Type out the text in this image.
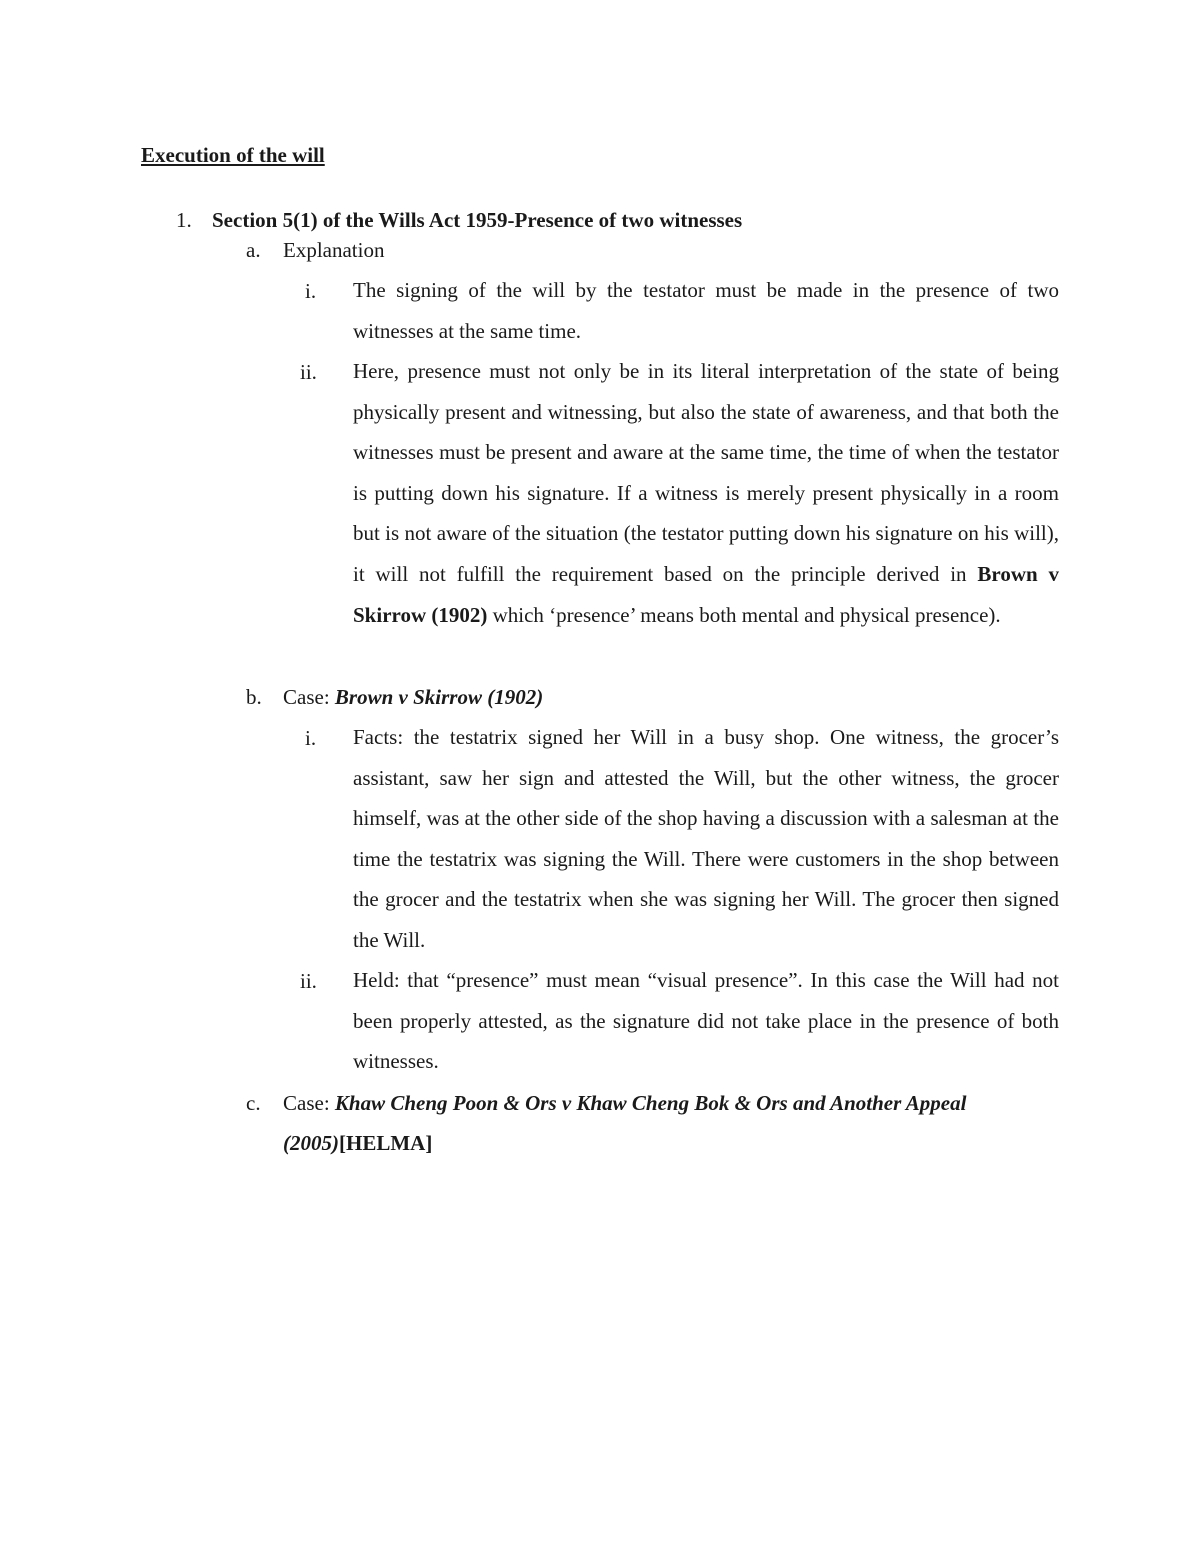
Execution of the will
1. Section 5(1) of the Wills Act 1959-Presence of two witnesses
a. Explanation
i. The signing of the will by the testator must be made in the presence of two witnesses at the same time.
ii. Here, presence must not only be in its literal interpretation of the state of being physically present and witnessing, but also the state of awareness, and that both the witnesses must be present and aware at the same time, the time of when the testator is putting down his signature. If a witness is merely present physically in a room but is not aware of the situation (the testator putting down his signature on his will), it will not fulfill the requirement based on the principle derived in Brown v Skirrow (1902) which ‘presence’ means both mental and physical presence).
b. Case: Brown v Skirrow (1902)
i. Facts: the testatrix signed her Will in a busy shop. One witness, the grocer’s assistant, saw her sign and attested the Will, but the other witness, the grocer himself, was at the other side of the shop having a discussion with a salesman at the time the testatrix was signing the Will. There were customers in the shop between the grocer and the testatrix when she was signing her Will. The grocer then signed the Will.
ii. Held: that “presence” must mean “visual presence”. In this case the Will had not been properly attested, as the signature did not take place in the presence of both witnesses.
c. Case: Khaw Cheng Poon & Ors v Khaw Cheng Bok & Ors and Another Appeal
(2005)[HELMA]
